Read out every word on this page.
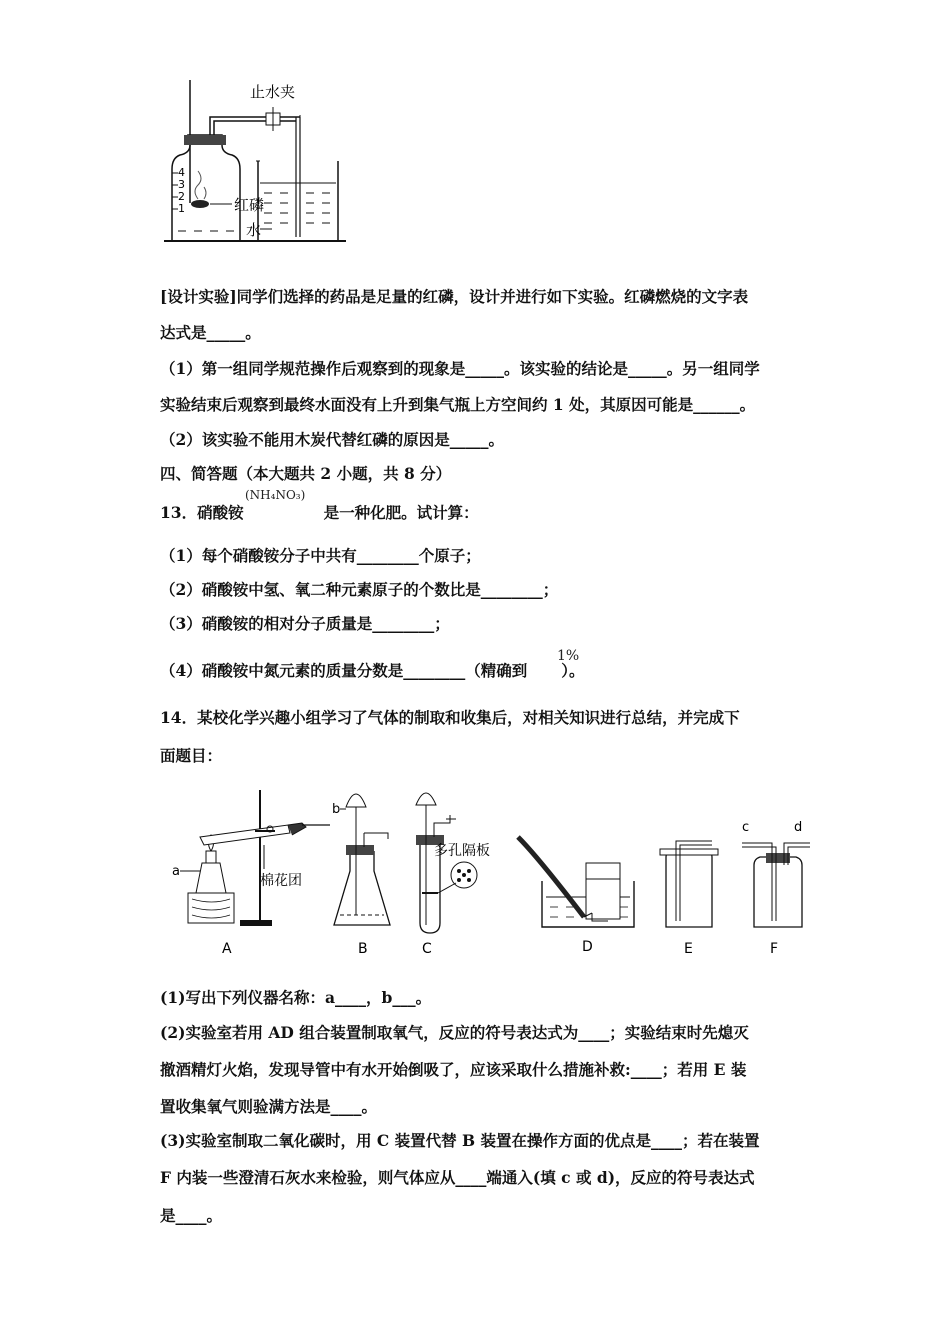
4
3
2
1
止水夹
红磷
水
[设计实验]同学们选择的药品是足量的红磷，设计并进行如下实验。红磷燃烧的文字表
达式是_____。
（1）第一组同学规范操作后观察到的现象是_____。该实验的结论是_____。另一组同学
实验结束后观察到最终水面没有上升到集气瓶上方空间约 1 处，其原因可能是______。
（2）该实验不能用木炭代替红磷的原因是_____。
四、简答题（本大题共 2 小题，共 8 分）
13．硝酸铵	是一种化肥。试计算：
(NH₄NO₃)
（1）每个硝酸铵分子中共有________个原子；
（2）硝酸铵中氢、氧二种元素原子的个数比是________；
（3）硝酸铵的相对分子质量是________；
（4）硝酸铵中氮元素的质量分数是________（精确到 ）。
1%
14．某校化学兴趣小组学习了气体的制取和收集后，对相关知识进行总结，并完成下
面题目：
a
棉花团
b
多孔隔板
c	d
A	B	C	D	E	F
(1)写出下列仪器名称：a____，b___。
(2)实验室若用 AD 组合装置制取氧气，反应的符号表达式为____；实验结束时先熄灭
撤酒精灯火焰，发现导管中有水开始倒吸了，应该采取什么措施补救:____；若用 E 装
置收集氧气则验满方法是____。
(3)实验室制取二氧化碳时，用 C 装置代替 B 装置在操作方面的优点是____；若在装置
F 内装一些澄清石灰水来检验，则气体应从____端通入(填 c 或 d)，反应的符号表达式
是____。
